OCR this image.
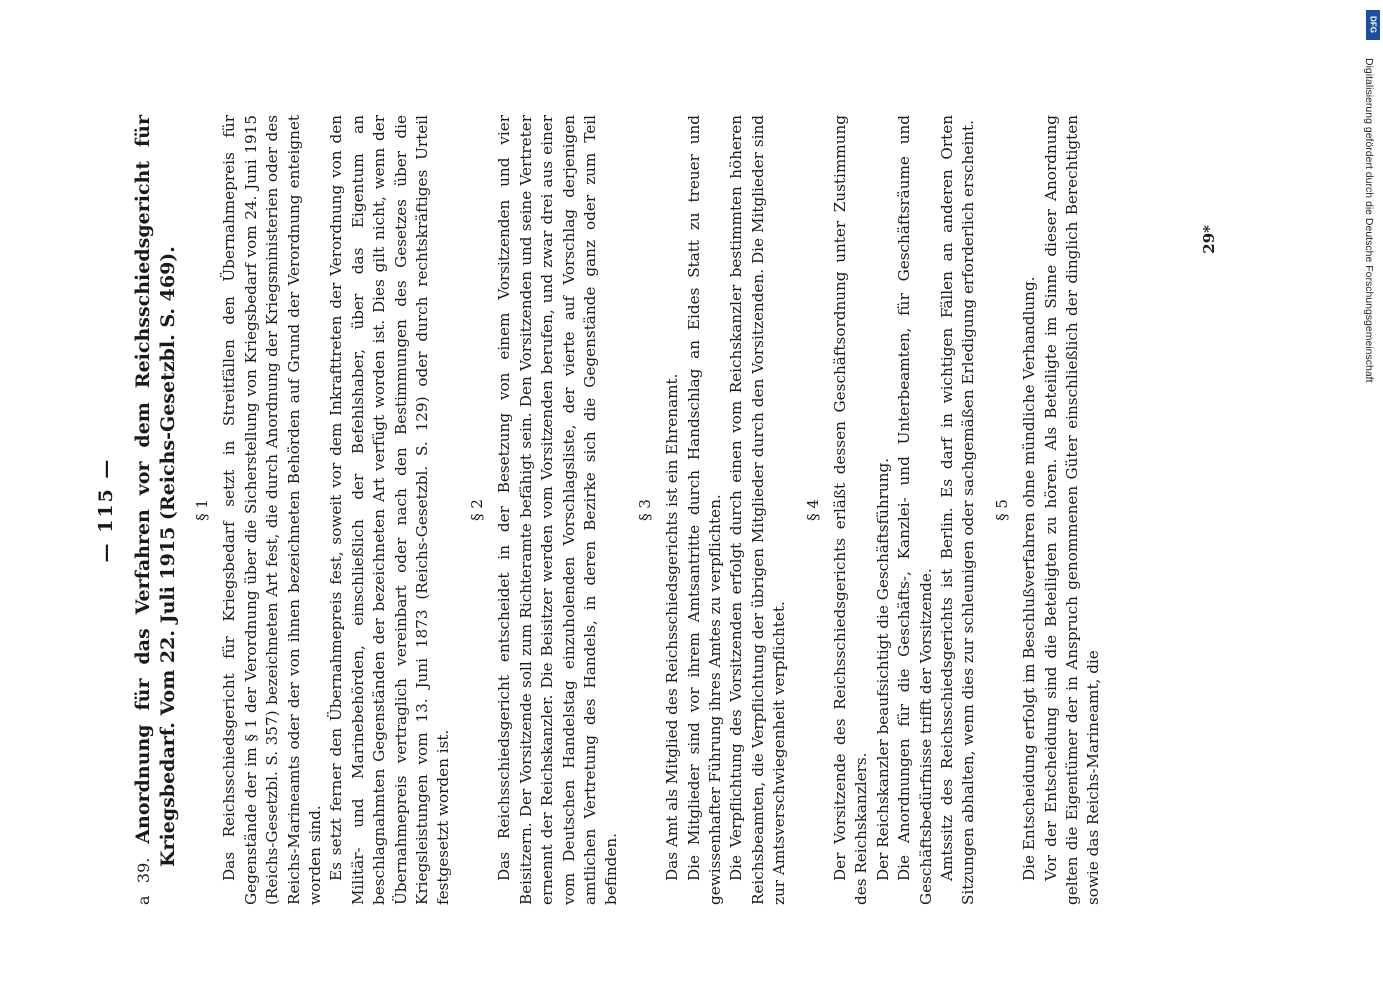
— 115 —
a 39. Anordnung für das Verfahren vor dem Reichsschiedsgericht für Kriegsbedarf. Vom 22. Juli 1915 (Reichs-Gesetzbl. S. 469). § 1 Das Reichsschiedsgericht für Kriegsbedarf setzt in Streitfällen den Übernahmepreis für Gegenstände der im § 1 der Verordnung über die Sicherstellung von Kriegsbedarf vom 24. Juni 1915 (Reichs-Gesetzbl. S. 357) bezeichneten Art fest, die durch Anordnung der Kriegsministerien oder des Reichs-Marineamts oder der von ihnen bezeichneten Behörden auf Grund der Verordnung enteignet worden sind. Es setzt ferner den Übernahmepreis fest, soweit vor dem Inkrafttreten der Verordnung von den Militär- und Marinebehörden, einschließlich der Befehlshaber, über das Eigentum an beschlagnahmten Gegenständen der bezeichneten Art verfügt worden ist. Dies gilt nicht, wenn der Übernahmepreis vertraglich vereinbart oder nach den Bestimmungen des Gesetzes über die Kriegsleistungen vom 13. Juni 1873 (Reichs-Gesetzbl. S. 129) oder durch rechtskräftiges Urteil festgesetzt worden ist.

§ 2 Das Reichsschiedsgericht entscheidet in der Besetzung von einem Vorsitzenden und vier Beisitzern. Der Vorsitzende soll zum Richteramte befähigt sein. Den Vorsitzenden und seine Vertreter ernennt der Reichskanzler. Die Beisitzer werden vom Vorsitzenden berufen, und zwar drei aus einer vom Deutschen Handelstag einzuholenden Vorschlagsliste, der vierte auf Vorschlag derjenigen amtlichen Vertretung des Handels, in deren Bezirke sich die Gegenstände ganz oder zum Teil befinden.

§ 3 Das Amt als Mitglied des Reichsschiedsgerichts ist ein Ehrenamt. Die Mitglieder sind vor ihrem Amtsantritte durch Handschlag an Eides Statt zu treuer und gewissenhafter Führung ihres Amtes zu verpflichten. Die Verpflichtung des Vorsitzenden erfolgt durch einen vom Reichskanzler bestimmten höheren Reichsbeamten, die Verpflichtung der übrigen Mitglieder durch den Vorsitzenden. Die Mitglieder sind zur Amtsverschwiegenheit verpflichtet.

§ 4 Der Vorsitzende des Reichsschiedsgerichts erläßt dessen Geschäftsordnung unter Zustimmung des Reichskanzlers. Der Reichskanzler beaufsichtigt die Geschäftsführung. Die Anordnungen für die Geschäfts-, Kanzlei- und Unterbeamten, für Geschäftsräume und Geschäftsbedürfnisse trifft der Vorsitzende. Amtssitz des Reichsschiedsgerichts ist Berlin. Es darf in wichtigen Fällen an anderen Orten Sitzungen abhalten, wenn dies zur schleunigen oder sachgemäßen Erledigung erforderlich erscheint. § 5 Die Entscheidung erfolgt im Beschlußverfahren ohne mündliche Verhandlung. Vor der Entscheidung sind die Beteiligten zu hören. Als Beteiligte im Sinne dieser Anordnung gelten die Eigentümer der in Anspruch genommenen Güter einschließlich der dinglich Berechtigten sowie das Reichs-Marineamt, die

29*
DFG
Digitalisierung gefördert durch die Deutsche Forschungsgemeinschaft
